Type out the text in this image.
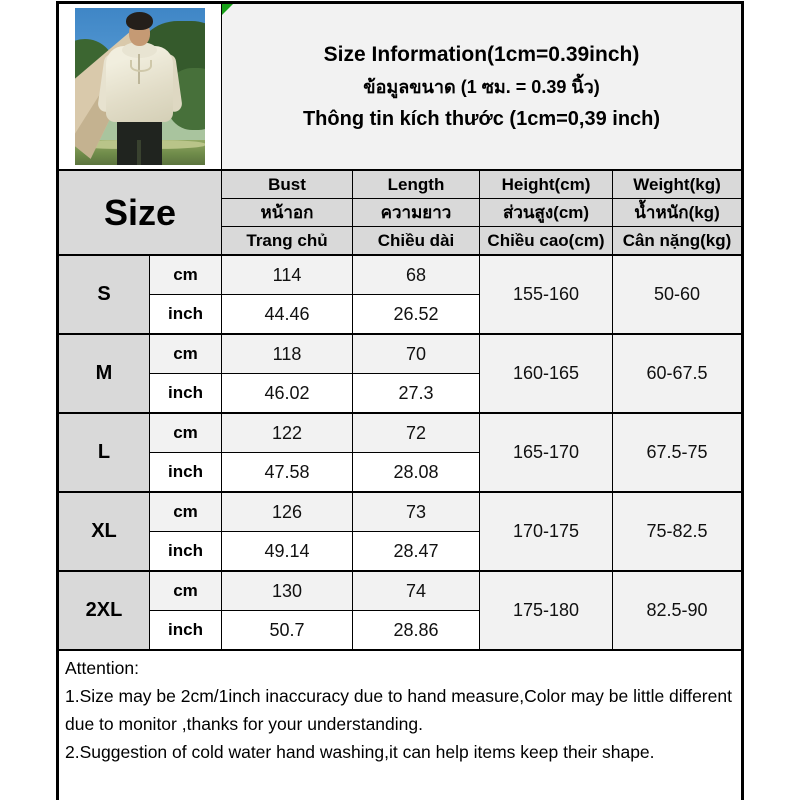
		Size Information(1cm=0.39inch)
ข้อมูลขนาด (1 ซม. = 0.39 นิ้ว)
Thông tin kích thước (1cm=0,39 inch)			

Size		Bust	Length	Height(cm)	Weight(kg)
		หน้าอก	ความยาว	ส่วนสูง(cm)	น้ำหนัก(kg)
		Trang chủ	Chiều dài	Chiều cao(cm)	Cân nặng(kg)
S	cm	114	68	155-160	50-60
	inch	44.46	26.52		
M	cm	118	70	160-165	60-67.5
	inch	46.02	27.3		
L	cm	122	72	165-170	67.5-75
	inch	47.58	28.08		
XL	cm	126	73	170-175	75-82.5
	inch	49.14	28.47		
2XL	cm	130	74	175-180	82.5-90
	inch	50.7	28.86		

Attention:
1.Size may be 2cm/1inch inaccuracy due to hand measure,Color may be little different due to monitor ,thanks for your understanding.
2.Suggestion of cold water hand washing,it can help items keep their shape.					
